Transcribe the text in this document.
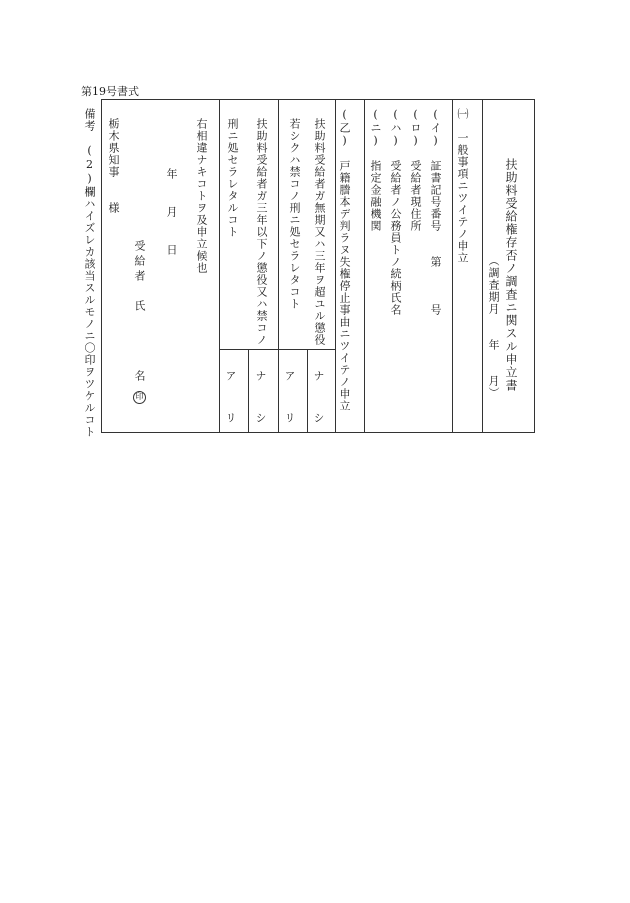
第19号書式
扶助料受給権存否ノ調査ニ関スル申立書
（調査期月　　年　　月）
㈠　一般事項ニツイテノ申立
(イ)　証書記号番号　　第　　　号
(ロ)　受給者現住所
(ハ)　受給者ノ公務員トノ続柄氏名
(ニ)　指定金融機関
(乙)　戸籍謄本デ判ラヌ失権停止事由ニツイテノ申立
扶助料受給者ガ無期又ハ三年ヲ超ユル懲役
若シクハ禁コノ刑ニ処セラレタコト
扶助料受給者ガ三年以下ノ懲役又ハ禁コノ
刑ニ処セラレタルコト
ナ　シ
ア　リ
ナ　シ
ア　リ
右相違ナキコトヲ及申立候也
年　月　日
受給者　氏
名
印
栃木県知事　　様
備考
(2)欄ハイズレカ該当スルモノニ〇印ヲツケルコト
